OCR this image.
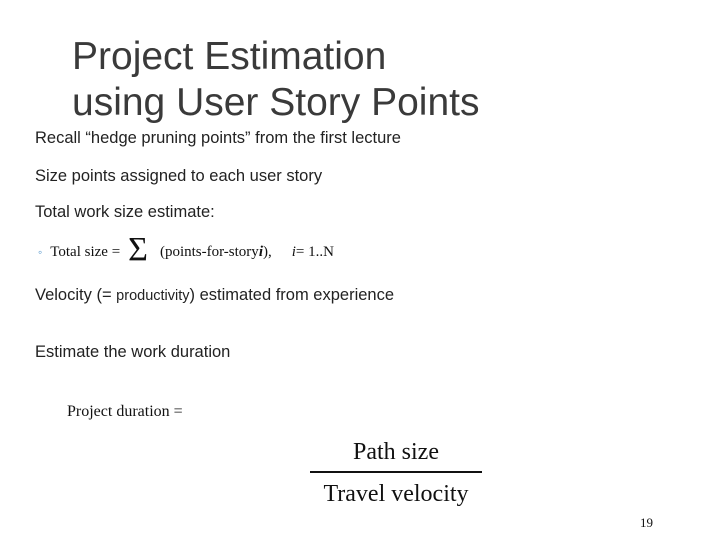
Project Estimation
using User Story Points
Recall “hedge pruning points” from the first lecture
Size points assigned to each user story
Total work size estimate:
◦ Total size = Σ (points-for-story i ), i = 1..N
Velocity (= productivity) estimated from experience
Estimate the work duration
Project duration =
Path size
Travel velocity
19
